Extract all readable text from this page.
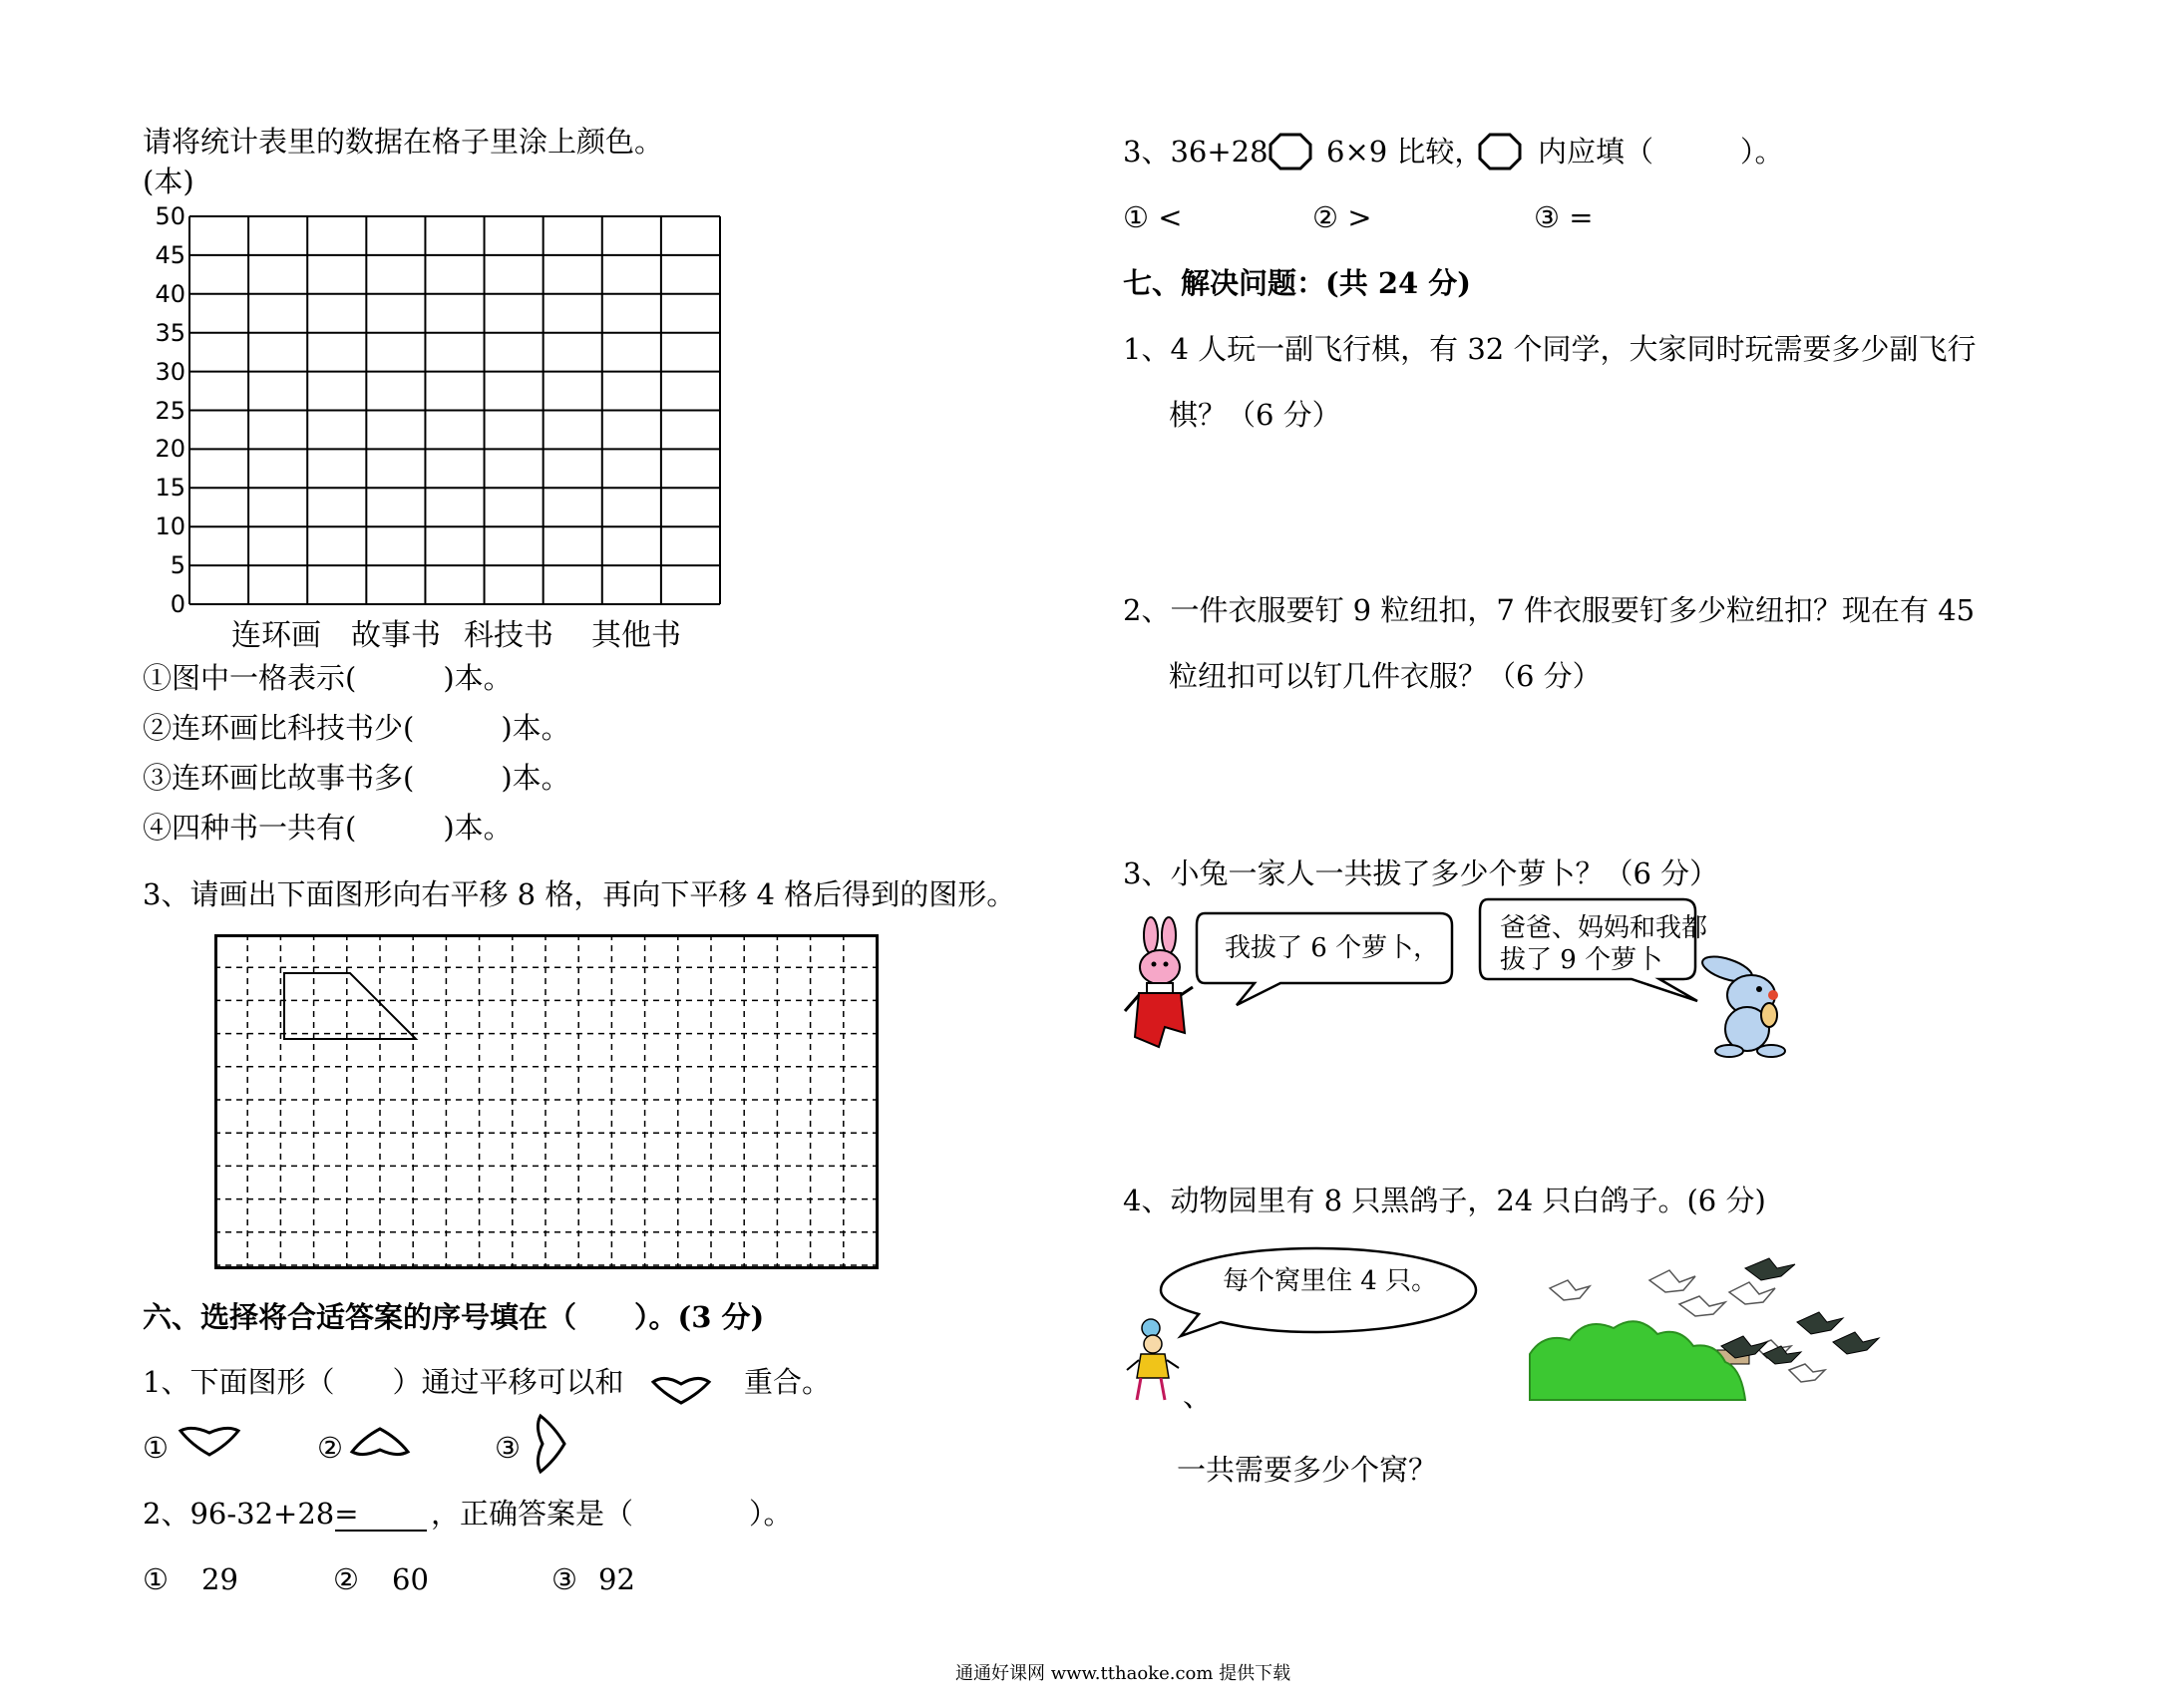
请将统计表里的数据在格子里涂上颜色。
(本)
50
45
40
35
30
25
20
15
10
5
0
连环画 故事书 科技书 其他书
①图中一格表示(　　　)本。
②连环画比科技书少(　　　)本。
③连环画比故事书多(　　　)本。
④四种书一共有(　　　)本。
3、请画出下面图形向右平移 8 格，再向下平移 4 格后得到的图形。
六、选择将合适答案的序号填在（　　）。(3 分)
1、下面图形（　　）通过平移可以和	重合。
①	②	③
2、96-32+28= ，正确答案是（　　　　）。
① 29	② 60	③ 92
3、36+28 6×9 比较， 内应填（　　　）。
① <	② >	③ =
七、解决问题：(共 24 分)
1、4 人玩一副飞行棋，有 32 个同学，大家同时玩需要多少副飞行
棋？（6 分）
2、一件衣服要钉 9 粒纽扣，7 件衣服要钉多少粒纽扣？现在有 45
粒纽扣可以钉几件衣服？（6 分）
3、小兔一家人一共拔了多少个萝卜？（6 分）
我拔了 6 个萝卜，
爸爸、妈妈和我都
拔了 9 个萝卜
4、动物园里有 8 只黑鸽子，24 只白鸽子。(6 分)
每个窝里住 4 只。
、
一共需要多少个窝？
通通好课网 www.tthaoke.com 提供下载
